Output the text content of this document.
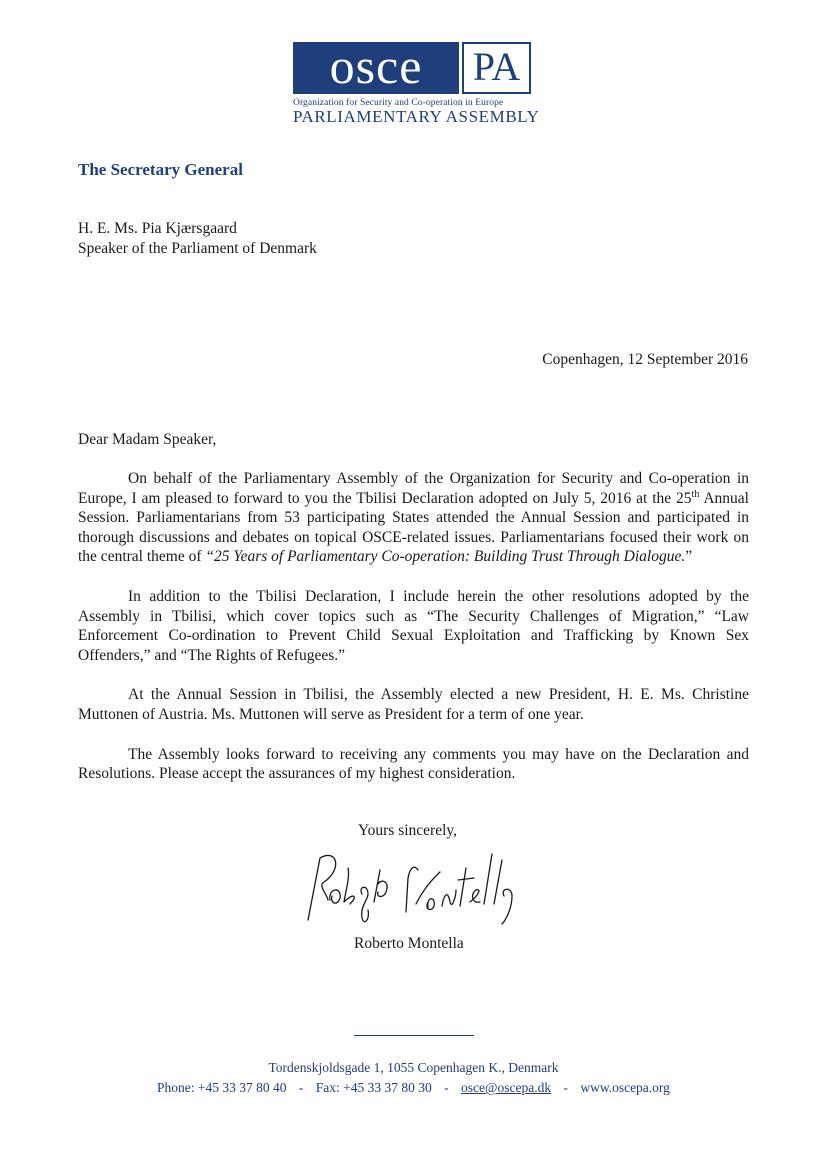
osce	PA
Organization for Security and Co-operation in Europe
PARLIAMENTARY ASSEMBLY
The Secretary General
H. E. Ms. Pia Kjærsgaard
Speaker of the Parliament of Denmark
Copenhagen, 12 September 2016
Dear Madam Speaker,

On behalf of the Parliamentary Assembly of the Organization for Security and Co-operation in Europe, I am pleased to forward to you the Tbilisi Declaration adopted on July 5, 2016 at the 25th Annual Session. Parliamentarians from 53 participating States attended the Annual Session and participated in thorough discussions and debates on topical OSCE-related issues. Parliamentarians focused their work on the central theme of “25 Years of Parliamentary Co-operation: Building Trust Through Dialogue.”

In addition to the Tbilisi Declaration, I include herein the other resolutions adopted by the Assembly in Tbilisi, which cover topics such as “The Security Challenges of Migration,” “Law Enforcement Co-ordination to Prevent Child Sexual Exploitation and Trafficking by Known Sex Offenders,” and “The Rights of Refugees.”

At the Annual Session in Tbilisi, the Assembly elected a new President, H. E. Ms. Christine Muttonen of Austria. Ms. Muttonen will serve as President for a term of one year.

The Assembly looks forward to receiving any comments you may have on the Declaration and Resolutions. Please accept the assurances of my highest consideration.

Yours sincerely,
Roberto Montella
Tordenskjoldsgade 1, 1055 Copenhagen K., Denmark
Phone: +45 33 37 80 40 - Fax: +45 33 37 80 30 - osce@oscepa.dk - www.oscepa.org
